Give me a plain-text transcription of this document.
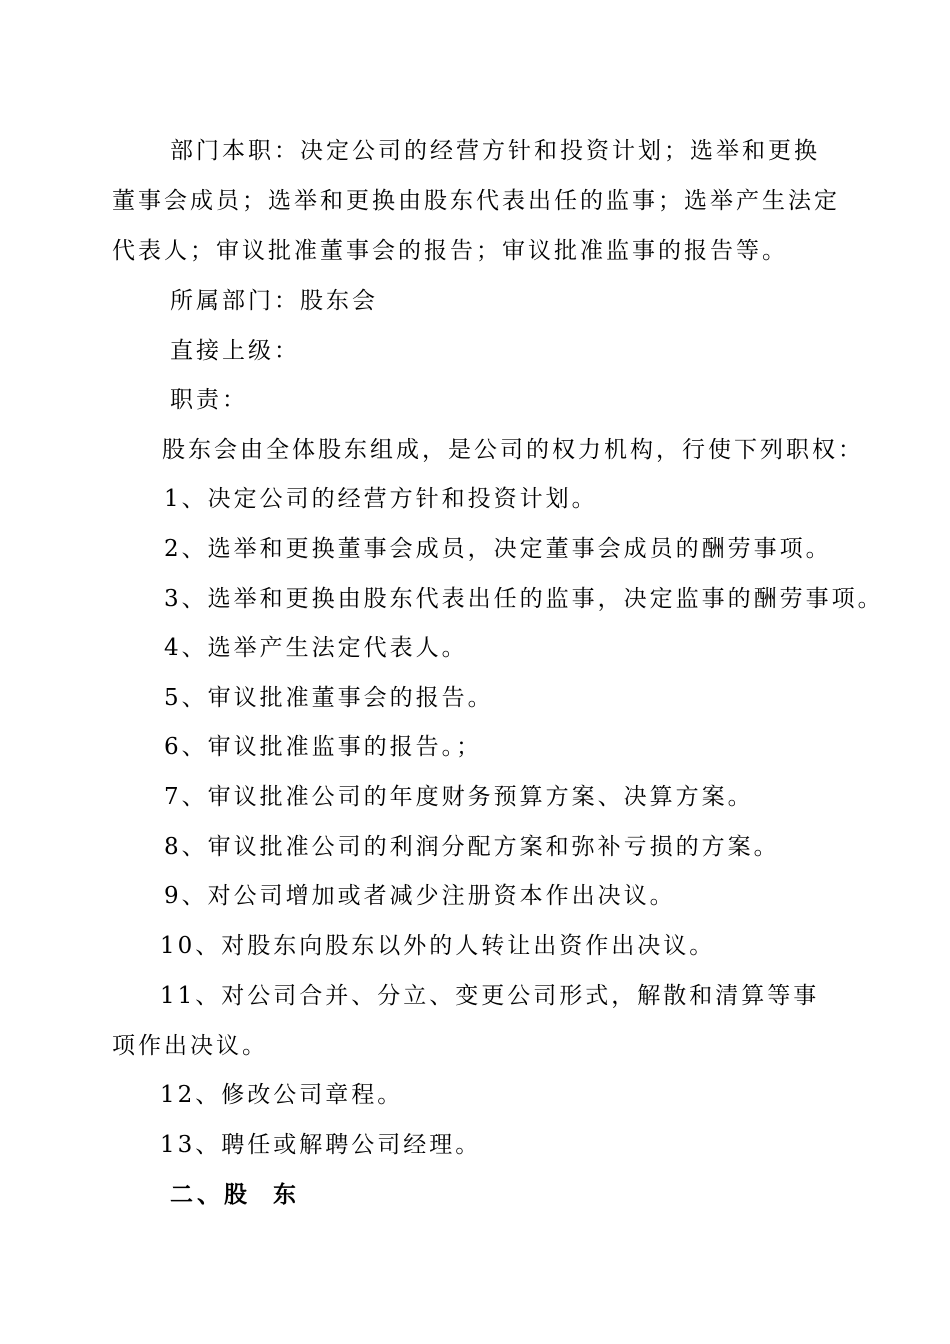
部门本职：决定公司的经营方针和投资计划；选举和更换董事会成员；选举和更换由股东代表出任的监事；选举产生法定代表人；审议批准董事会的报告；审议批准监事的报告等。

所属部门：股东会

直接上级：

职责：

股东会由全体股东组成，是公司的权力机构，行使下列职权：

1、决定公司的经营方针和投资计划。

2、选举和更换董事会成员，决定董事会成员的酬劳事项。

3、选举和更换由股东代表出任的监事，决定监事的酬劳事项。

4、选举产生法定代表人。

5、审议批准董事会的报告。

6、审议批准监事的报告。；

7、审议批准公司的年度财务预算方案、决算方案。

8、审议批准公司的利润分配方案和弥补亏损的方案。

9、对公司增加或者减少注册资本作出决议。

10、对股东向股东以外的人转让出资作出决议。

11、对公司合并、分立、变更公司形式，解散和清算等事项作出决议。

12、修改公司章程。

13、聘任或解聘公司经理。

二、股 东
